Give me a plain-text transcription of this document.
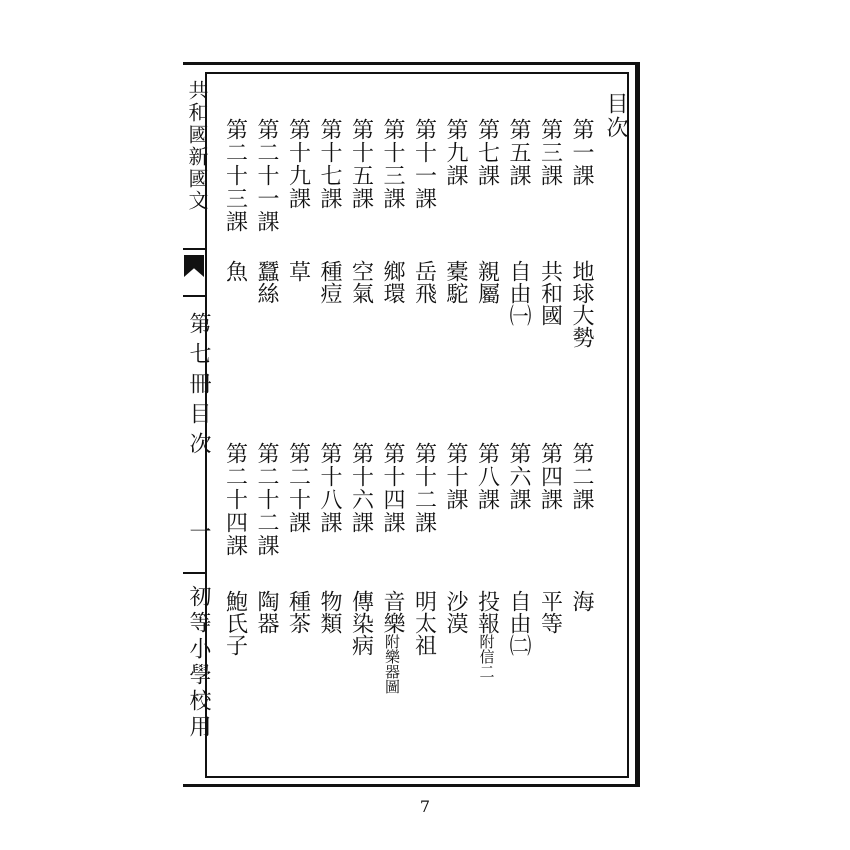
共和國新國文
第七冊目次
一
初等小學校用
目次
第一課
地球大勢
第三課
共和國
第五課
自由㈠
第七課
親屬
第九課
橐駝
第十一課
岳飛
第十三課
鄉環
第十五課
空氣
第十七課
種痘
第十九課
草
第二十一課
蠶絲
第二十三課
魚
第二課
海
第四課
平等
第六課
自由㈡
第八課
投報附信二
第十課
沙漠
第十二課
明太祖
第十四課
音樂附樂器圖
第十六課
傳染病
第十八課
物類
第二十課
種茶
第二十二課
陶器
第二十四課
鮑氏子
7
